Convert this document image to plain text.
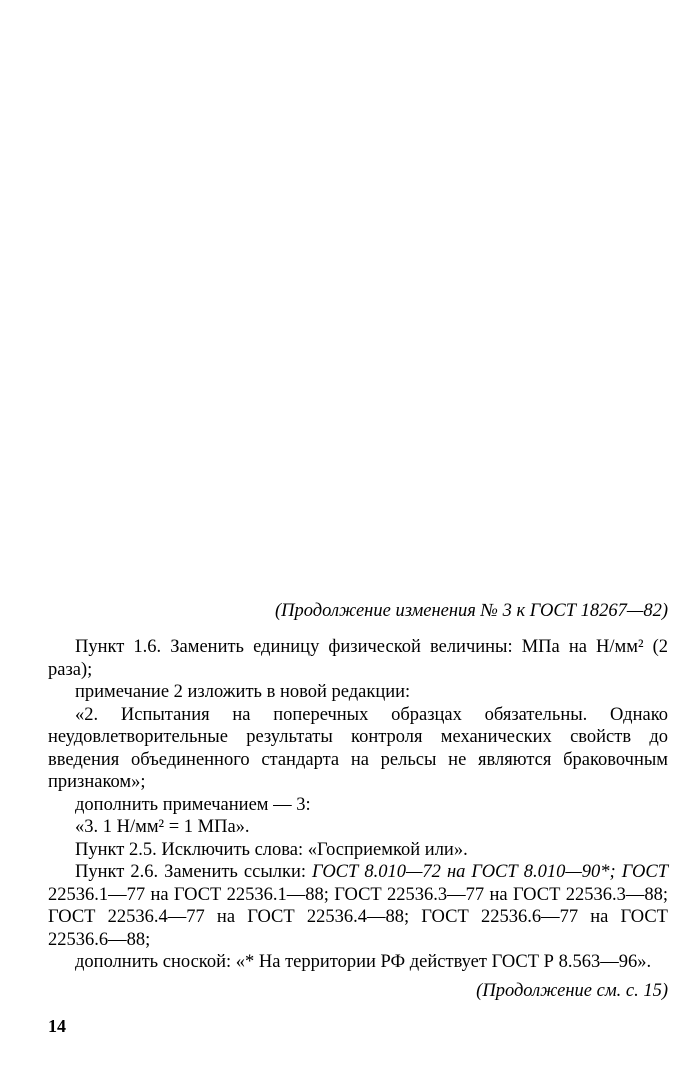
(Продолжение изменения № 3 к ГОСТ 18267—82)

Пункт 1.6. Заменить единицу физической величины: МПа на Н/мм² (2 раза);

примечание 2 изложить в новой редакции:

«2. Испытания на поперечных образцах обязательны. Однако неудовлетворительные результаты контроля механических свойств до введения объединенного стандарта на рельсы не являются браковочным признаком»;

дополнить примечанием — 3:

«3. 1 Н/мм² = 1 МПа».

Пункт 2.5. Исключить слова: «Госприемкой или».

Пункт 2.6. Заменить ссылки: ГОСТ 8.010—72 на ГОСТ 8.010—90*; ГОСТ 22536.1—77 на ГОСТ 22536.1—88; ГОСТ 22536.3—77 на ГОСТ 22536.3—88; ГОСТ 22536.4—77 на ГОСТ 22536.4—88; ГОСТ 22536.6—77 на ГОСТ 22536.6—88;

дополнить сноской: «* На территории РФ действует ГОСТ Р 8.563—96».

(Продолжение см. с. 15)
14
